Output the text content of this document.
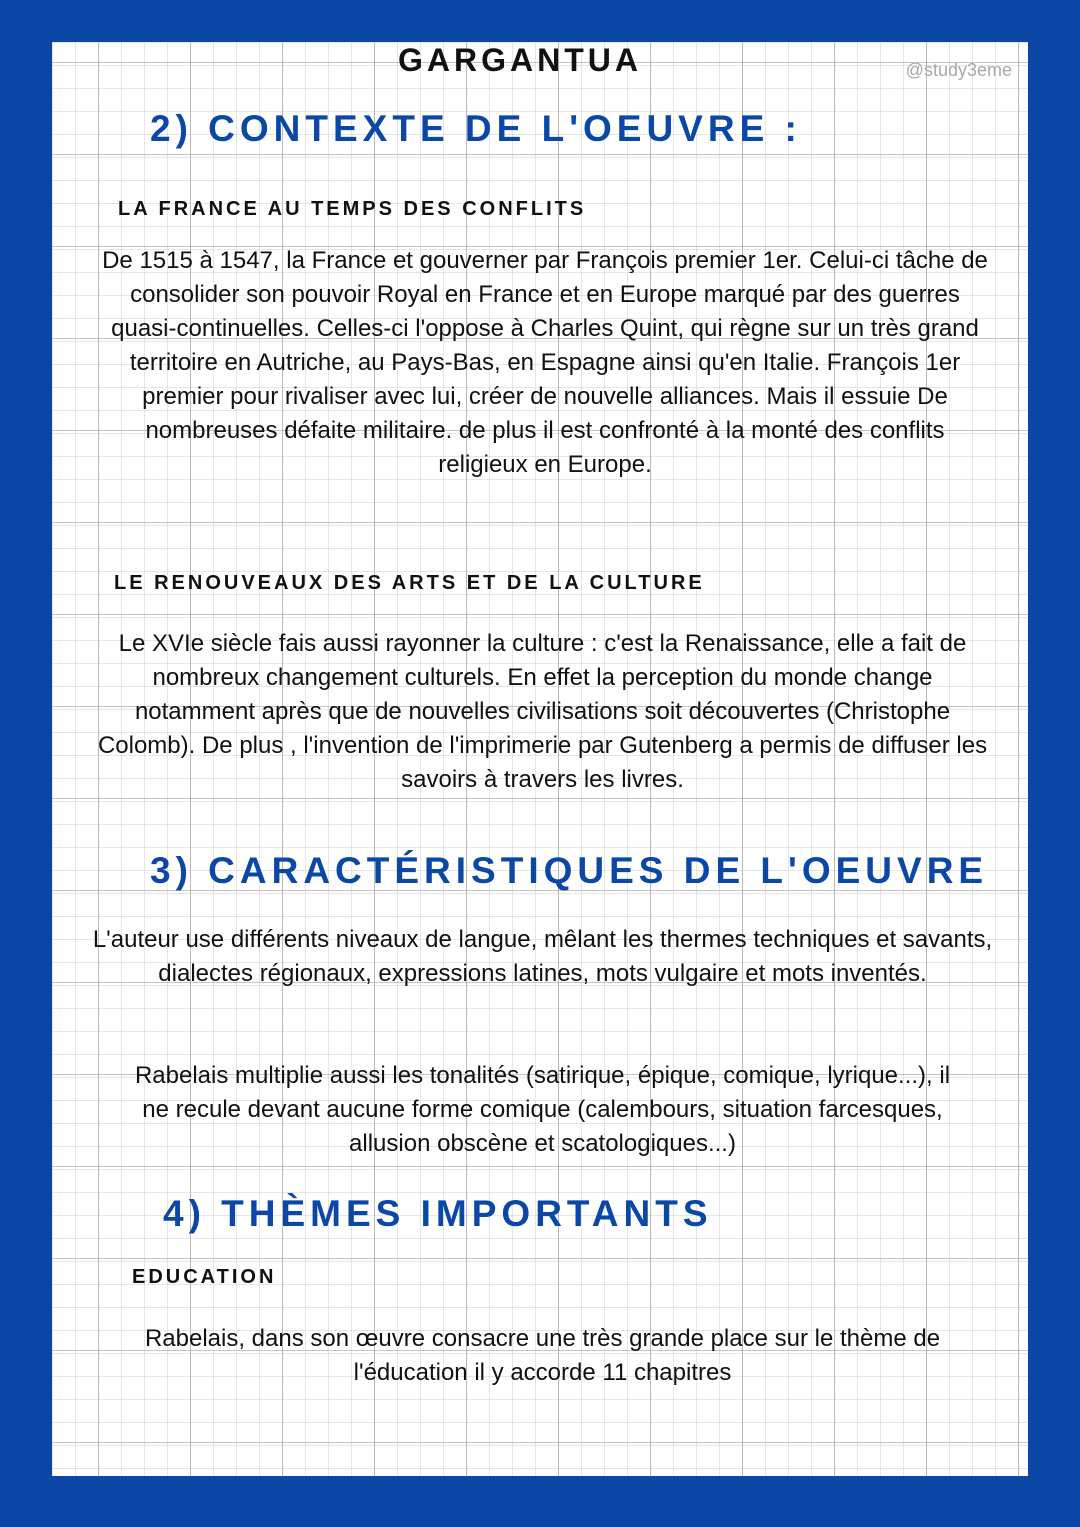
GARGANTUA	@study3eme
2) CONTEXTE DE L'OEUVRE :
LA FRANCE AU TEMPS DES CONFLITS
De 1515 à 1547, la France et gouverner par François premier 1er. Celui-ci tâche de consolider son pouvoir Royal en France et en Europe marqué par des guerres quasi-continuelles. Celles-ci l'oppose à Charles Quint, qui règne sur un très grand territoire en Autriche, au Pays-Bas, en Espagne ainsi qu'en Italie. François 1er premier pour rivaliser avec lui, créer de nouvelle alliances. Mais il essuie De nombreuses défaite militaire. de plus il est confronté à la monté des conflits religieux en Europe.
LE RENOUVEAUX DES ARTS ET DE LA CULTURE
Le XVIe siècle fais aussi rayonner la culture : c'est la Renaissance, elle a fait de nombreux changement culturels. En effet la perception du monde change notamment après que de nouvelles civilisations soit découvertes (Christophe Colomb). De plus , l'invention de l'imprimerie par Gutenberg a permis de diffuser les savoirs à travers les livres.
3) CARACTÉRISTIQUES DE L'OEUVRE
L'auteur use différents niveaux de langue, mêlant les thermes techniques et savants, dialectes régionaux, expressions latines, mots vulgaire et mots inventés.
Rabelais multiplie aussi les tonalités (satirique, épique, comique, lyrique...), il ne recule devant aucune forme comique (calembours, situation farcesques, allusion obscène et scatologiques...)
4) THÈMES IMPORTANTS
EDUCATION
Rabelais, dans son œuvre consacre une très grande place sur le thème de l'éducation il y accorde 11 chapitres
